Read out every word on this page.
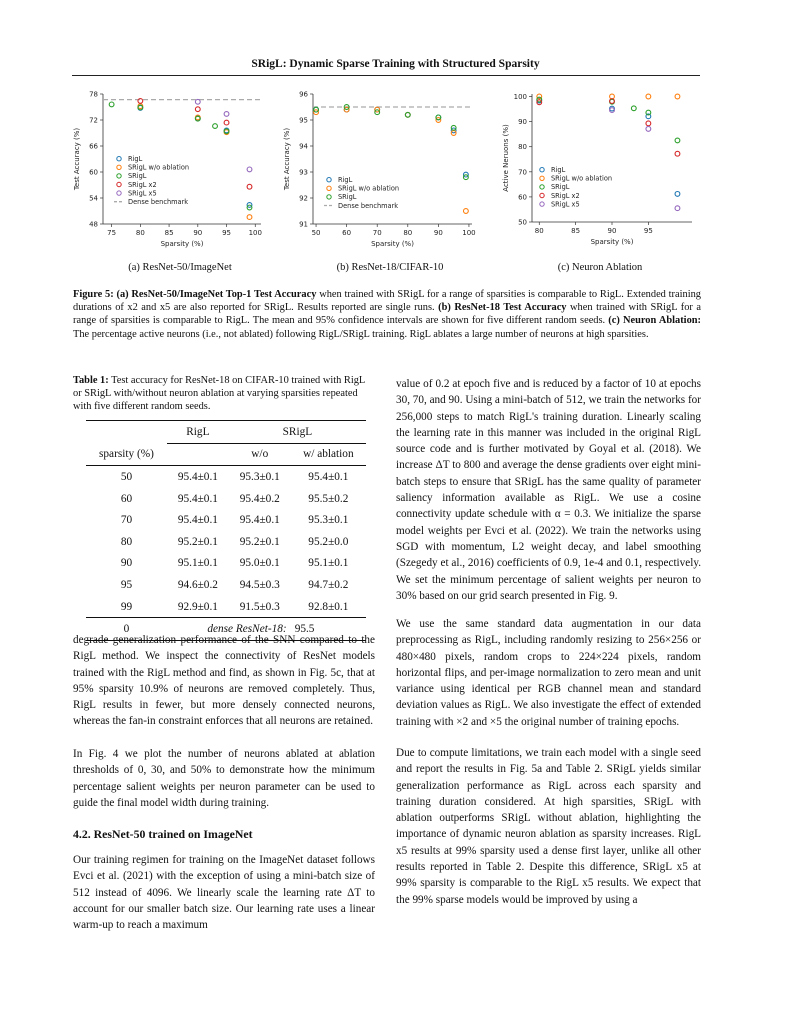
SRigL: Dynamic Sparse Training with Structured Sparsity
75	80	85	90	95	100
48
54
60
66
72
78
Sparsity (%)
Test Accuracy (%)	RigL
SRigL w/o ablation
SRigL
SRigL x2
SRigL x5
Dense benchmark
50	60	70	80	90	100
91
92
93
94
95
96
Sparsity (%)
Test Accuracy (%)	RigL
SRigL w/o ablation
SRigL
Dense benchmark
80	85	90	95
50
60
70
80
90
100
Sparsity (%)
Active Neruons (%)	RigL
SRigL w/o ablation
SRigL
SRigL x2
SRigL x5
(a) ResNet-50/ImageNet	(b) ResNet-18/CIFAR-10	(c) Neuron Ablation
Figure 5: (a) ResNet-50/ImageNet Top-1 Test Accuracy when trained with SRigL for a range of sparsities is comparable to RigL. Extended training durations of x2 and x5 are also reported for SRigL. Results reported are single runs. (b) ResNet-18 Test Accuracy when trained with SRigL for a range of sparsities is comparable to RigL. The mean and 95% confidence intervals are shown for five different random seeds. (c) Neuron Ablation: The percentage active neurons (i.e., not ablated) following RigL/SRigL training. RigL ablates a large number of neurons at high sparsities.
Table 1: Test accuracy for ResNet-18 on CIFAR-10 trained with RigL or SRigL with/without neuron ablation at varying sparsities repeated with five different random seeds.
	RigL	SRigL	
sparsity (%)		w/o	w/ ablation
50	95.4±0.1	95.3±0.1	95.4±0.1
60	95.4±0.1	95.4±0.2	95.5±0.2
70	95.4±0.1	95.4±0.1	95.3±0.1
80	95.2±0.1	95.2±0.1	95.2±0.0
90	95.1±0.1	95.0±0.1	95.1±0.1
95	94.6±0.2	94.5±0.3	94.7±0.2
99	92.9±0.1	91.5±0.3	92.8±0.1
0	dense ResNet-18:		95.5

degrade generalization performance of the SNN compared to the RigL method. We inspect the connectivity of ResNet models trained with the RigL method and find, as shown in Fig. 5c, that at 95% sparsity 10.9% of neurons are removed completely. Thus, RigL results in fewer, but more densely connected neurons, whereas the fan-in constraint enforces that all neurons are retained.

In Fig. 4 we plot the number of neurons ablated at ablation thresholds of 0, 30, and 50% to demonstrate how the minimum percentage salient weights per neuron parameter can be used to guide the final model width during training.

4.2. ResNet-50 trained on ImageNet

Our training regimen for training on the ImageNet dataset follows Evci et al. (2021) with the exception of using a mini-batch size of 512 instead of 4096. We linearly scale the learning rate ΔT to account for our smaller batch size. Our learning rate uses a linear warm-up to reach a maximum

value of 0.2 at epoch five and is reduced by a factor of 10 at epochs 30, 70, and 90. Using a mini-batch of 512, we train the networks for 256,000 steps to match RigL's training duration. Linearly scaling the learning rate in this manner was included in the original RigL source code and is further motivated by Goyal et al. (2018). We increase ΔT to 800 and average the dense gradients over eight mini-batch steps to ensure that SRigL has the same quality of parameter saliency information available as RigL. We use a cosine connectivity update schedule with α = 0.3. We initialize the sparse model weights per Evci et al. (2022). We train the networks using SGD with momentum, L2 weight decay, and label smoothing (Szegedy et al., 2016) coefficients of 0.9, 1e-4 and 0.1, respectively. We set the minimum percentage of salient weights per neuron to 30% based on our grid search presented in Fig. 9.

We use the same standard data augmentation in our data preprocessing as RigL, including randomly resizing to 256×256 or 480×480 pixels, random crops to 224×224 pixels, random horizontal flips, and per-image normalization to zero mean and unit variance using identical per RGB channel mean and standard deviation values as RigL. We also investigate the effect of extended training with ×2 and ×5 the original number of training epochs.

Due to compute limitations, we train each model with a single seed and report the results in Fig. 5a and Table 2. SRigL yields similar generalization performance as RigL across each sparsity and training duration considered. At high sparsities, SRigL with ablation outperforms SRigL without ablation, highlighting the importance of dynamic neuron ablation as sparsity increases. RigL x5 results at 99% sparsity used a dense first layer, unlike all other results reported in Table 2. Despite this difference, SRigL x5 at 99% sparsity is comparable to the RigL x5 results. We expect that the 99% sparse models would be improved by using a
